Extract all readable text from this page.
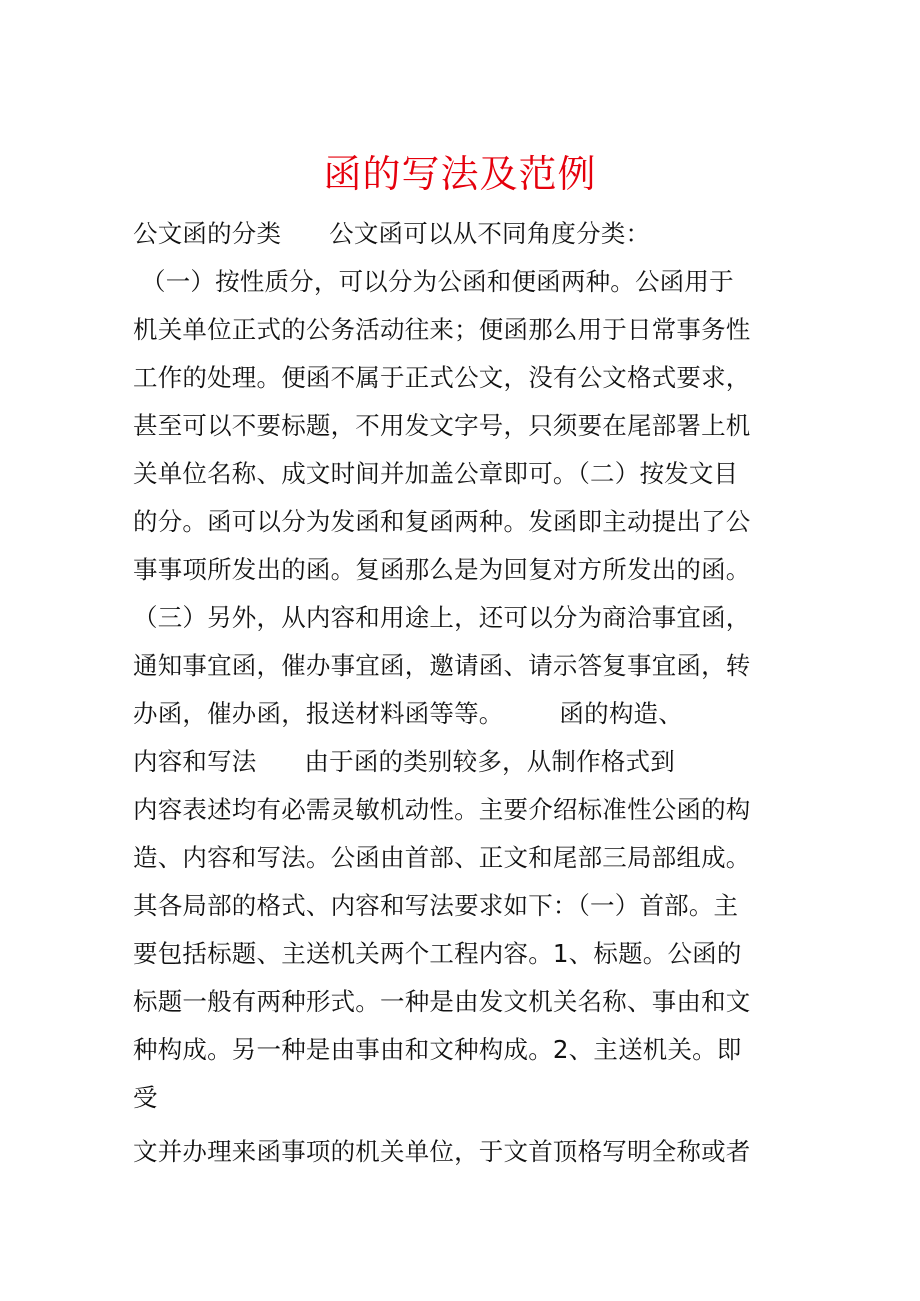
函的写法及范例
公文函的分类      公文函可以从不同角度分类：
（一）按性质分，可以分为公函和便函两种。公函用于
机关单位正式的公务活动往来；便函那么用于日常事务性
工作的处理。便函不属于正式公文，没有公文格式要求，
甚至可以不要标题，不用发文字号，只须要在尾部署上机
关单位名称、成文时间并加盖公章即可。（二）按发文目
的分。函可以分为发函和复函两种。发函即主动提出了公
事事项所发出的函。复函那么是为回复对方所发出的函。
（三）另外，从内容和用途上，还可以分为商洽事宜函，
通知事宜函，催办事宜函，邀请函、请示答复事宜函，转
办函，催办函，报送材料函等等。       函的构造、
内容和写法      由于函的类别较多，从制作格式到
内容表述均有必需灵敏机动性。主要介绍标准性公函的构
造、内容和写法。公函由首部、正文和尾部三局部组成。
其各局部的格式、内容和写法要求如下：（一）首部。主
要包括标题、主送机关两个工程内容。1、标题。公函的
标题一般有两种形式。一种是由发文机关名称、事由和文
种构成。另一种是由事由和文种构成。2、主送机关。即
受
文并办理来函事项的机关单位，于文首顶格写明全称或者
